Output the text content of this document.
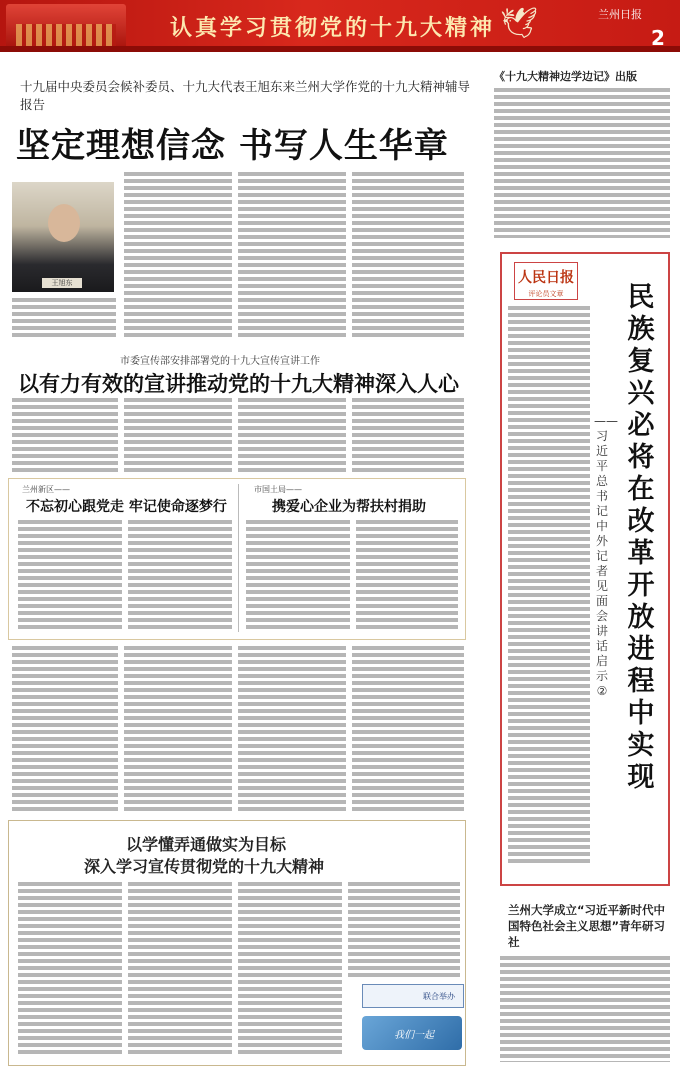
认真学习贯彻党的十九大精神 🕊	兰州日报
2
十九届中央委员会候补委员、十九大代表王旭东来兰州大学作党的十九大精神辅导报告
坚定理想信念 书写人生华章
王旭东
市委宣传部安排部署党的十九大宣传宣讲工作
以有力有效的宣讲推动党的十九大精神深入人心
兰州新区——
不忘初心跟党走 牢记使命逐梦行
市国土局——
携爱心企业为帮扶村捐助
以学懂弄通做实为目标
深入学习宣传贯彻党的十九大精神
联合举办
我们一起
《十九大精神边学边记》出版
人民日报
评论员文章	民族复兴必将在改革开放进程中实现
——习近平总书记中外记者见面会讲话启示②
兰州大学成立“习近平新时代中国特色社会主义思想”青年研习社
